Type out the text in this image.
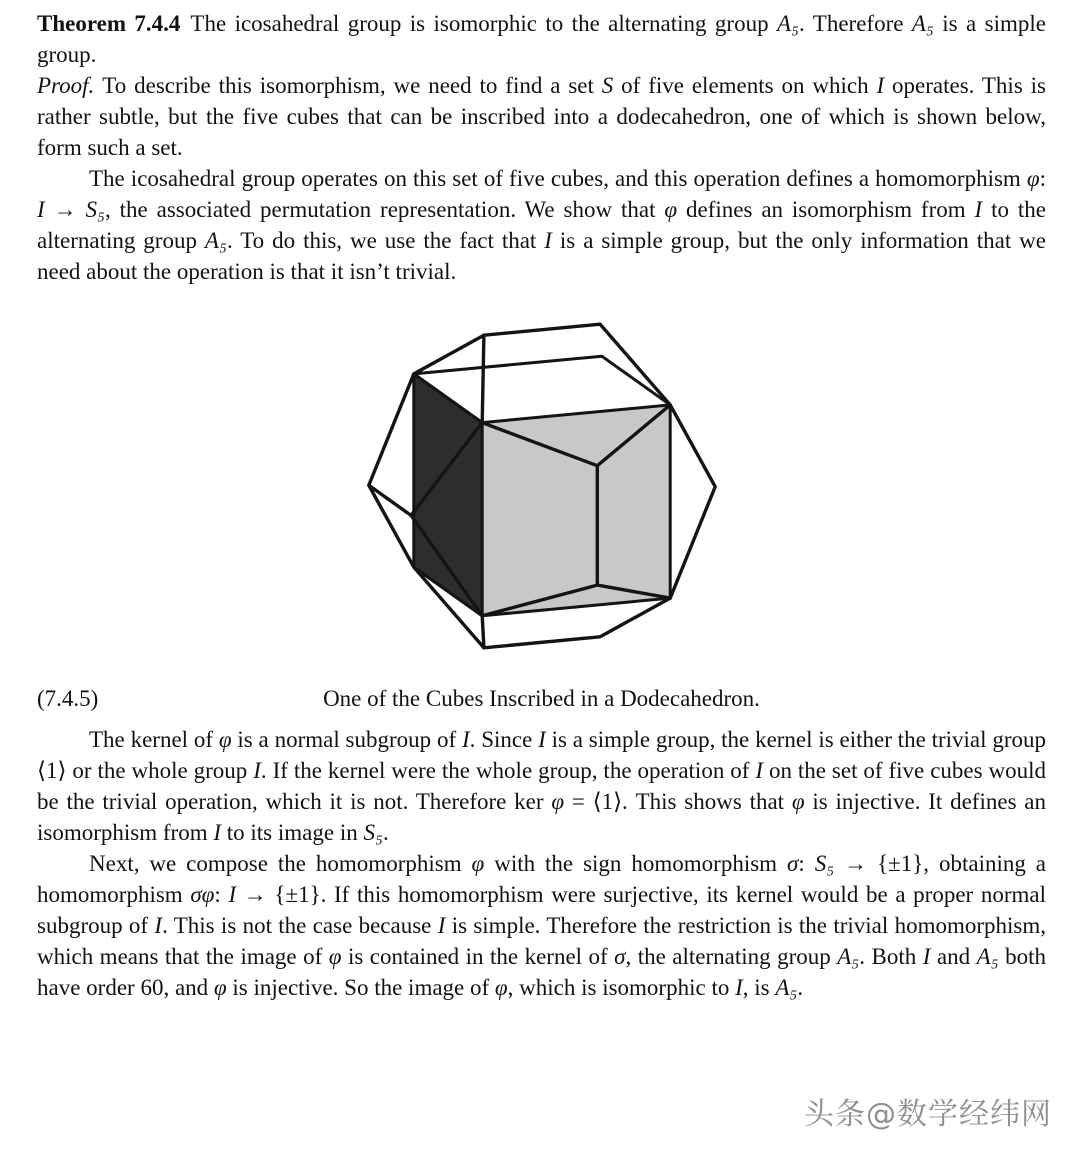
Theorem 7.4.4 The icosahedral group is isomorphic to the alternating group A₅. Therefore A₅ is a simple group.

Proof. To describe this isomorphism, we need to find a set S of five elements on which I operates. This is rather subtle, but the five cubes that can be inscribed into a dodecahedron, one of which is shown below, form such a set.

The icosahedral group operates on this set of five cubes, and this operation defines a homomorphism φ: I → S₅, the associated permutation representation. We show that φ defines an isomorphism from I to the alternating group A₅. To do this, we use the fact that I is a simple group, but the only information that we need about the operation is that it isn’t trivial.

(7.4.5)	One of the Cubes Inscribed in a Dodecahedron.

The kernel of φ is a normal subgroup of I. Since I is a simple group, the kernel is either the trivial group ⟨1⟩ or the whole group I. If the kernel were the whole group, the operation of I on the set of five cubes would be the trivial operation, which it is not. Therefore ker φ = ⟨1⟩. This shows that φ is injective. It defines an isomorphism from I to its image in S₅.

Next, we compose the homomorphism φ with the sign homomorphism σ: S₅ → {±1}, obtaining a homomorphism σφ: I → {±1}. If this homomorphism were surjective, its kernel would be a proper normal subgroup of I. This is not the case because I is simple. Therefore the restriction is the trivial homomorphism, which means that the image of φ is contained in the kernel of σ, the alternating group A₅. Both I and A₅ both have order 60, and φ is injective. So the image of φ, which is isomorphic to I, is A₅.

头条@数学经纬网
